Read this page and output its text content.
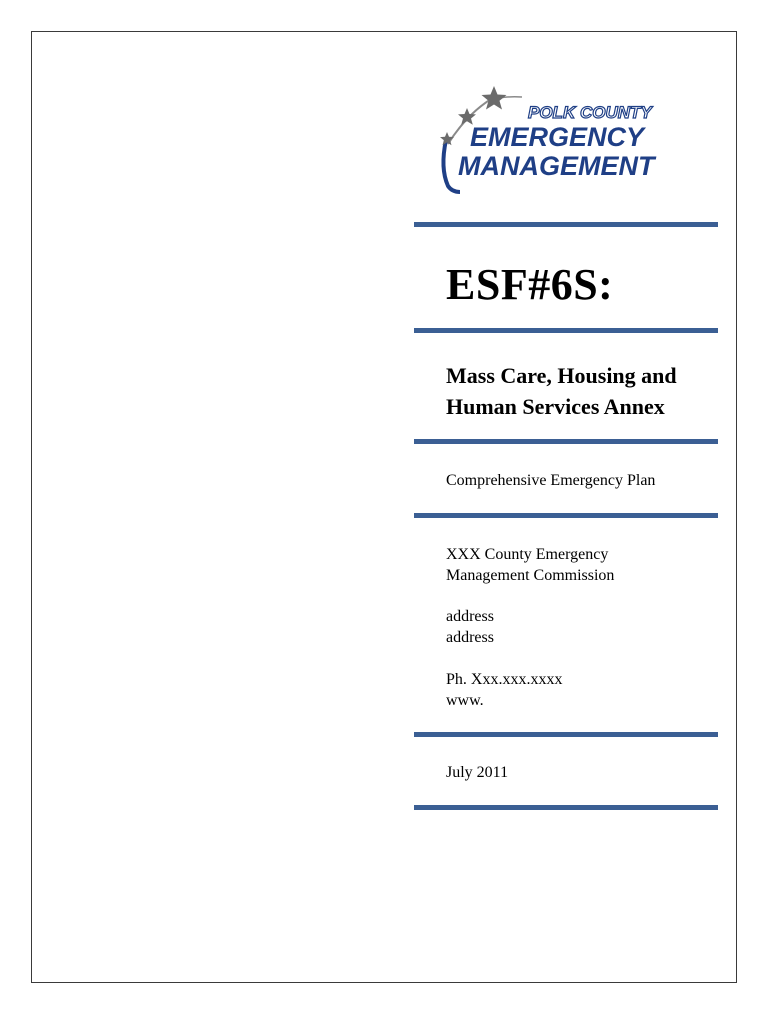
POLK COUNTY
EMERGENCY
MANAGEMENT
ESF#6S:
Mass Care, Housing and
Human Services Annex

Comprehensive Emergency Plan

XXX County Emergency
Management Commission

address
address

Ph. Xxx.xxx.xxxx
www.

July 2011
